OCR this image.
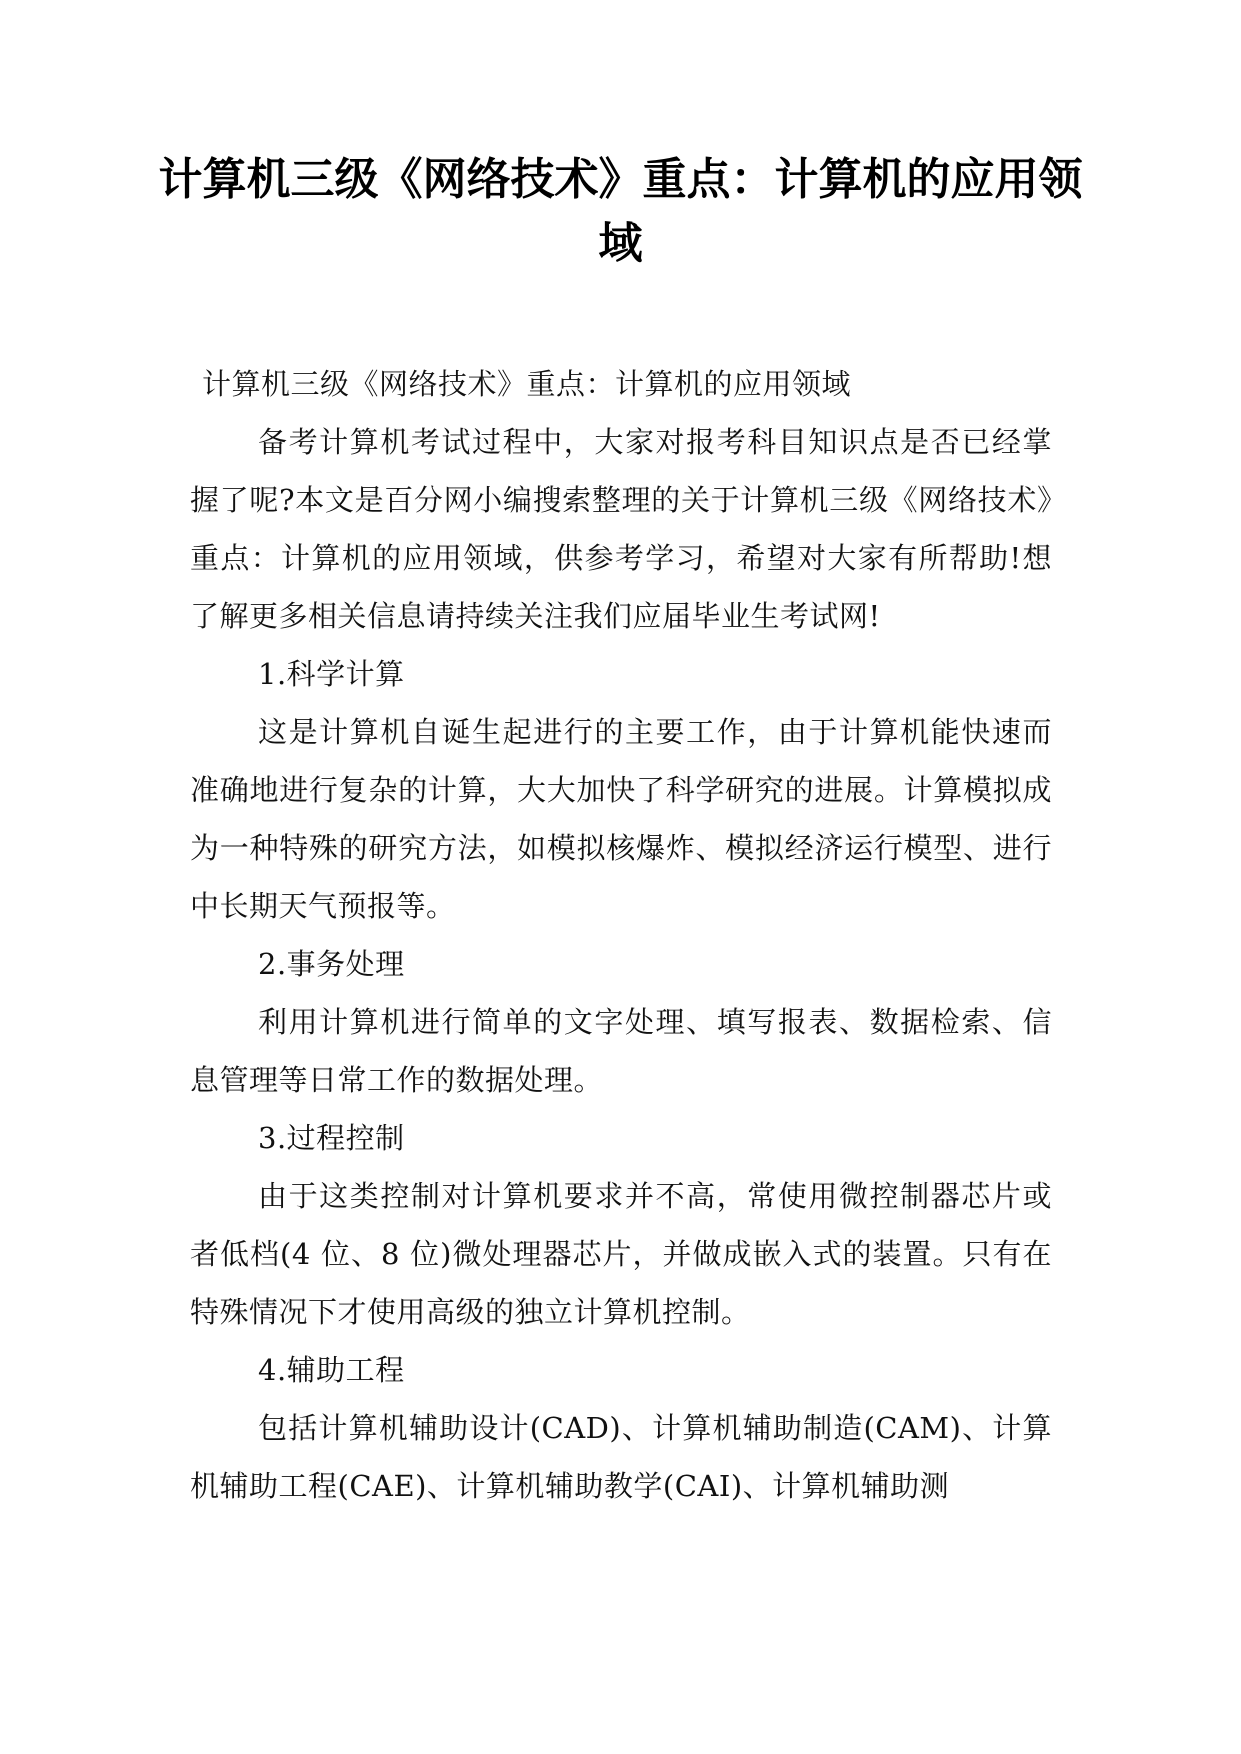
计算机三级《网络技术》重点：计算机的应用领域

计算机三级《网络技术》重点：计算机的应用领域

备考计算机考试过程中，大家对报考科目知识点是否已经掌握了呢?本文是百分网小编搜索整理的关于计算机三级《网络技术》重点：计算机的应用领域，供参考学习，希望对大家有所帮助!想了解更多相关信息请持续关注我们应届毕业生考试网!

1.科学计算

这是计算机自诞生起进行的主要工作，由于计算机能快速而准确地进行复杂的计算，大大加快了科学研究的进展。计算模拟成为一种特殊的研究方法，如模拟核爆炸、模拟经济运行模型、进行中长期天气预报等。

2.事务处理

利用计算机进行简单的文字处理、填写报表、数据检索、信息管理等日常工作的数据处理。

3.过程控制

由于这类控制对计算机要求并不高，常使用微控制器芯片或者低档(4 位、8 位)微处理器芯片，并做成嵌入式的装置。只有在特殊情况下才使用高级的独立计算机控制。

4.辅助工程

包括计算机辅助设计(CAD)、计算机辅助制造(CAM)、计算机辅助工程(CAE)、计算机辅助教学(CAI)、计算机辅助测
